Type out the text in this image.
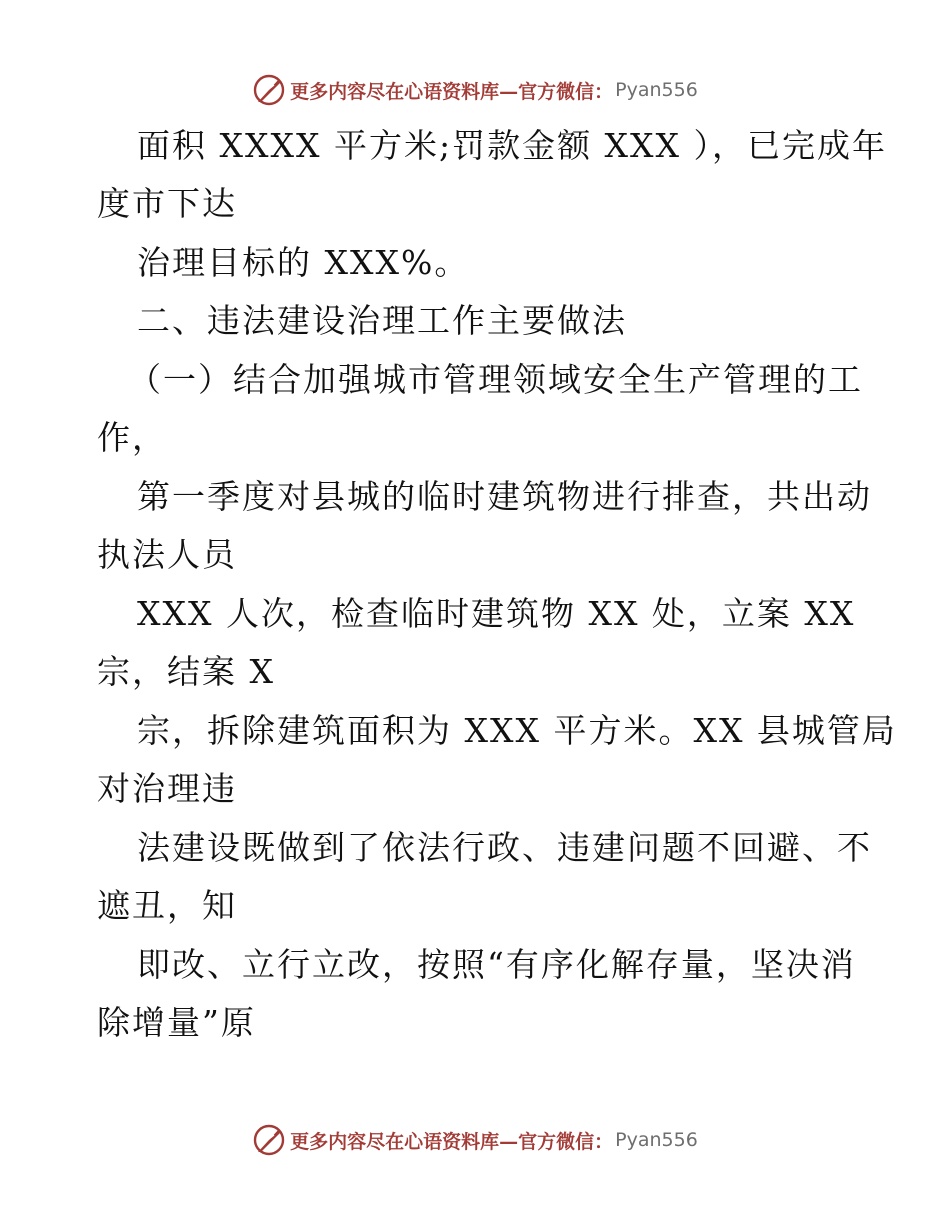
更多内容尽在心语资料库—官方微信： Pyan556
面积 XXXX 平方米;罚款金额 XXX ），已完成年
度市下达
治理目标的 XXX%。
二、违法建设治理工作主要做法
（一）结合加强城市管理领域安全生产管理的工
作，
第一季度对县城的临时建筑物进行排查，共出动
执法人员
XXX 人次，检查临时建筑物 XX 处，立案 XX
宗，结案 X
宗，拆除建筑面积为 XXX 平方米。XX 县城管局
对治理违
法建设既做到了依法行政、违建问题不回避、不
遮丑，知
即改、立行立改，按照“有序化解存量，坚决消
除增量”原
更多内容尽在心语资料库—官方微信： Pyan556
